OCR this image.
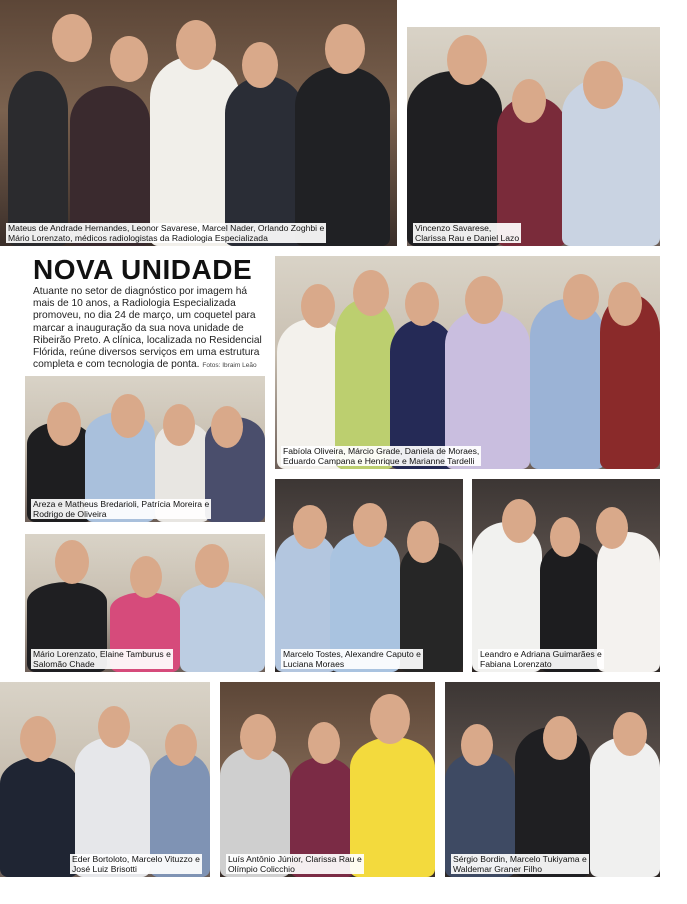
Mateus de Andrade Hernandes, Leonor Savarese, Marcel Nader, Orlando Zoghbi e
Mário Lorenzato, médicos radiologistas da Radiologia Especializada
Vincenzo Savarese,
Clarissa Rau e Daniel Lazo
NOVA UNIDADE

Atuante no setor de diagnóstico por imagem há mais de 10 anos, a Radiologia Especializada promoveu, no dia 24 de março, um coquetel para marcar a inauguração da sua nova unidade de Ribeirão Preto. A clínica, localizada no Residencial Flórida, reúne diversos serviços em uma estrutura completa e com tecnologia de ponta. Fotos: Ibraim Leão

Fabíola Oliveira, Márcio Grade, Daniela de Moraes,
Eduardo Campana e Henrique e Marianne Tardelli
Areza e Matheus Bredarioli, Patrícia Moreira e
Rodrigo de Oliveira
Mário Lorenzato, Elaine Tamburus e
Salomão Chade
Marcelo Tostes, Alexandre Caputo e
Luciana Moraes
Leandro e Adriana Guimarães e
Fabiana Lorenzato
Eder Bortoloto, Marcelo Vituzzo e
José Luiz Brisotti
Luís Antônio Júnior, Clarissa Rau e
Olímpio Colicchio
Sérgio Bordin, Marcelo Tukiyama e
Waldemar Graner Filho
